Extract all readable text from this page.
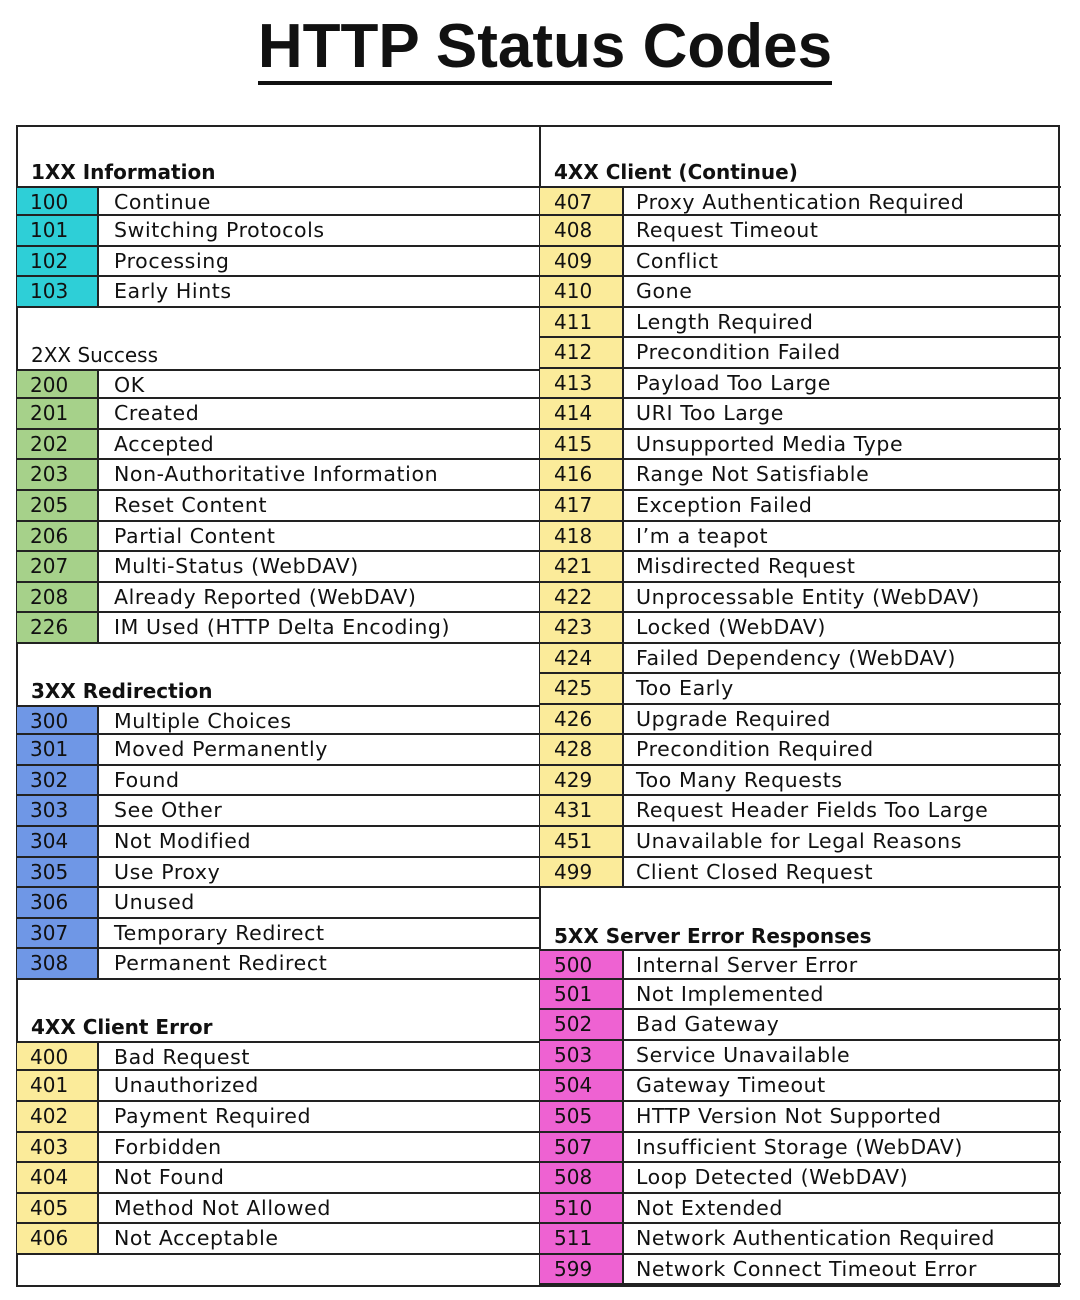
HTTP Status Codes
1XX Information
100	Continue
101	Switching Protocols
102	Processing
103	Early Hints
2XX Success
200	OK
201	Created
202	Accepted
203	Non-Authoritative Information
205	Reset Content
206	Partial Content
207	Multi-Status (WebDAV)
208	Already Reported (WebDAV)
226	IM Used (HTTP Delta Encoding)
3XX Redirection
300	Multiple Choices
301	Moved Permanently
302	Found
303	See Other
304	Not Modified
305	Use Proxy
306	Unused
307	Temporary Redirect
308	Permanent Redirect
4XX Client Error
400	Bad Request
401	Unauthorized
402	Payment Required
403	Forbidden
404	Not Found
405	Method Not Allowed
406	Not Acceptable
4XX Client (Continue)
407	Proxy Authentication Required
408	Request Timeout
409	Conflict
410	Gone
411	Length Required
412	Precondition Failed
413	Payload Too Large
414	URI Too Large
415	Unsupported Media Type
416	Range Not Satisfiable
417	Exception Failed
418	I’m a teapot
421	Misdirected Request
422	Unprocessable Entity (WebDAV)
423	Locked (WebDAV)
424	Failed Dependency (WebDAV)
425	Too Early
426	Upgrade Required
428	Precondition Required
429	Too Many Requests
431	Request Header Fields Too Large
451	Unavailable for Legal Reasons
499	Client Closed Request
5XX Server Error Responses
500	Internal Server Error
501	Not Implemented
502	Bad Gateway
503	Service Unavailable
504	Gateway Timeout
505	HTTP Version Not Supported
507	Insufficient Storage (WebDAV)
508	Loop Detected (WebDAV)
510	Not Extended
511	Network Authentication Required
599	Network Connect Timeout Error
